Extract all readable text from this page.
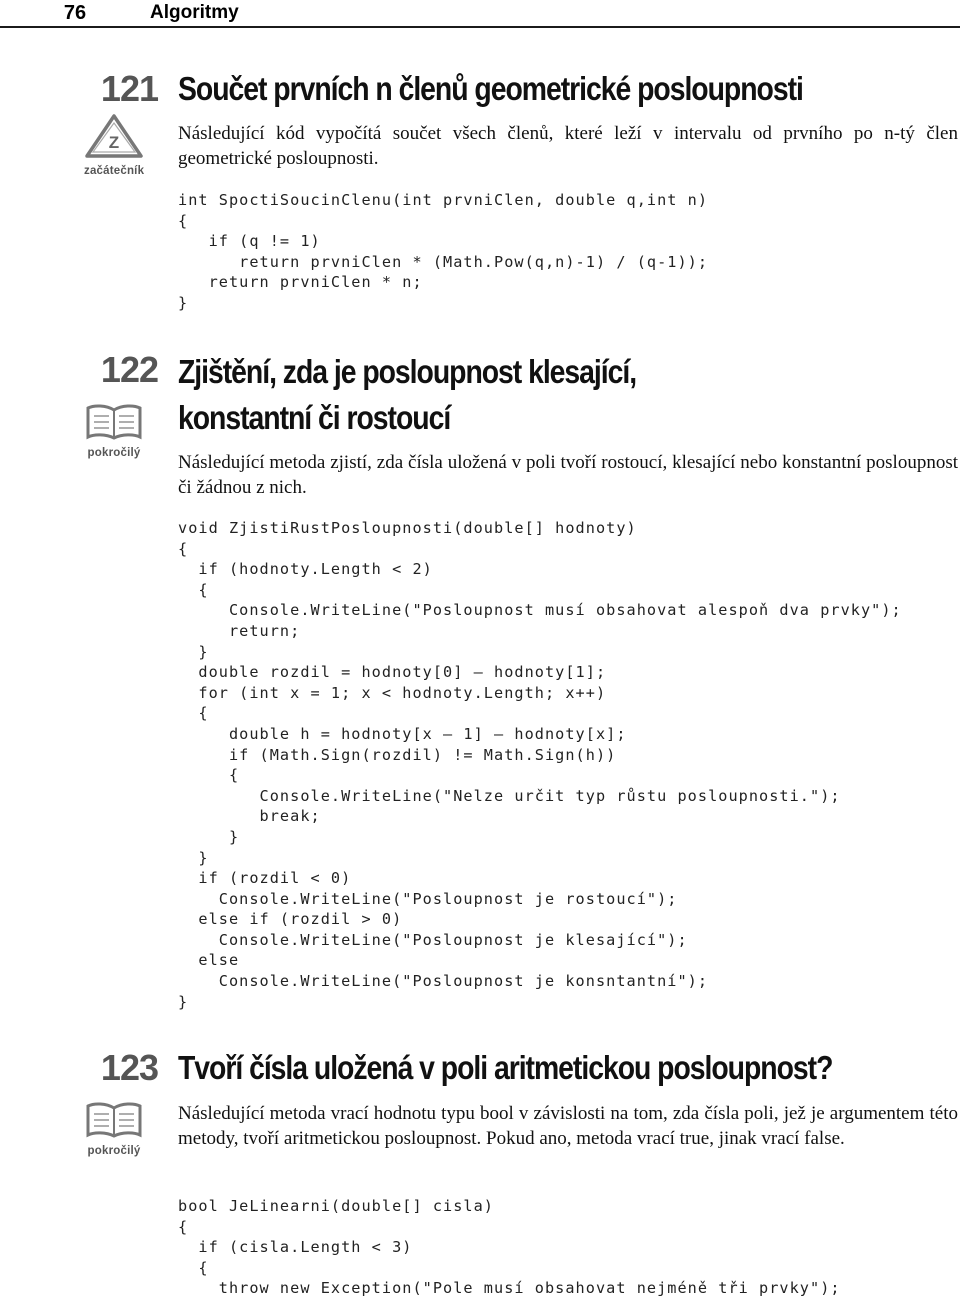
76	Algoritmy
121
Z
začátečník
Součet prvních n členů geometrické posloupnosti
Následující kód vypočítá součet všech členů, které leží v intervalu od prvního po n-tý člen geometrické posloupnosti.
int SpoctiSoucinClenu(int prvniClen, double q,int n)
{
if (q != 1)
return prvniClen * (Math.Pow(q,n)-1) / (q-1));
return prvniClen * n;
}
122
pokročilý
Zjištění, zda je posloupnost klesající,
konstantní či rostoucí
Následující metoda zjistí, zda čísla uložená v poli tvoří rostoucí, klesající nebo konstantní posloupnost či žádnou z nich.
void ZjistiRustPosloupnosti(double[] hodnoty)
{
if (hodnoty.Length < 2)
{
Console.WriteLine("Posloupnost musí obsahovat alespoň dva prvky");
return;
}
double rozdil = hodnoty[0] – hodnoty[1];
for (int x = 1; x < hodnoty.Length; x++)
{
double h = hodnoty[x – 1] – hodnoty[x];
if (Math.Sign(rozdil) != Math.Sign(h))
{
Console.WriteLine("Nelze určit typ růstu posloupnosti.");
break;
}
}
if (rozdil < 0)
Console.WriteLine("Posloupnost je rostoucí");
else if (rozdil > 0)
Console.WriteLine("Posloupnost je klesající");
else
Console.WriteLine("Posloupnost je konsntantní");
}
123
pokročilý
Tvoří čísla uložená v poli aritmetickou posloupnost?
Následující metoda vrací hodnotu typu bool v závislosti na tom, zda čísla poli, jež je argumentem této metody, tvoří aritmetickou posloupnost. Pokud ano, metoda vrací true, jinak vrací false.
bool JeLinearni(double[] cisla)
{
if (cisla.Length < 3)
{
throw new Exception("Pole musí obsahovat nejméně tři prvky");
